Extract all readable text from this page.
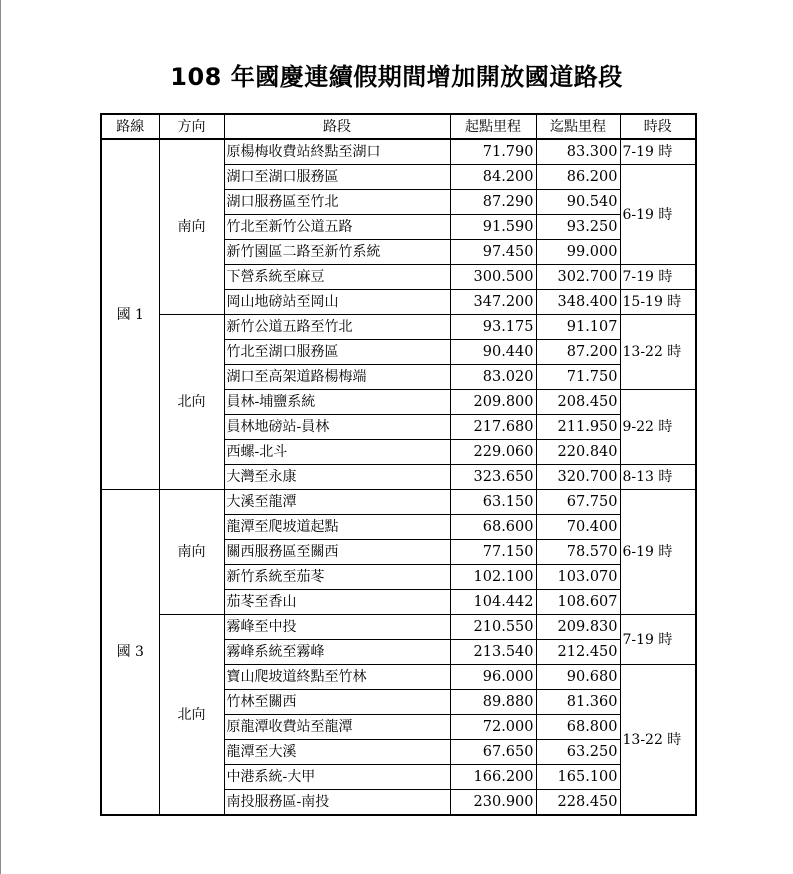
108 年國慶連續假期間增加開放國道路段
路線	方向	路段	起點里程	迄點里程	時段
國 1	南向	原楊梅收費站終點至湖口	71.790	83.300	7-19 時
		湖口至湖口服務區	84.200	86.200	6-19 時
		湖口服務區至竹北	87.290	90.540	
		竹北至新竹公道五路	91.590	93.250	
		新竹園區二路至新竹系統	97.450	99.000	
		下營系統至麻豆	300.500	302.700	7-19 時
		岡山地磅站至岡山	347.200	348.400	15-19 時
	北向	新竹公道五路至竹北	93.175	91.107	13-22 時
		竹北至湖口服務區	90.440	87.200	
		湖口至高架道路楊梅端	83.020	71.750	
		員林-埔鹽系統	209.800	208.450	9-22 時
		員林地磅站-員林	217.680	211.950	
		西螺-北斗	229.060	220.840	
		大灣至永康	323.650	320.700	8-13 時
國 3	南向	大溪至龍潭	63.150	67.750	6-19 時
		龍潭至爬坡道起點	68.600	70.400	
		關西服務區至關西	77.150	78.570	
		新竹系統至茄苳	102.100	103.070	
		茄苳至香山	104.442	108.607	
	北向	霧峰至中投	210.550	209.830	7-19 時
		霧峰系統至霧峰	213.540	212.450	
		寶山爬坡道終點至竹林	96.000	90.680	13-22 時
		竹林至關西	89.880	81.360	
		原龍潭收費站至龍潭	72.000	68.800	
		龍潭至大溪	67.650	63.250	
		中港系統-大甲	166.200	165.100	
		南投服務區-南投	230.900	228.450	
